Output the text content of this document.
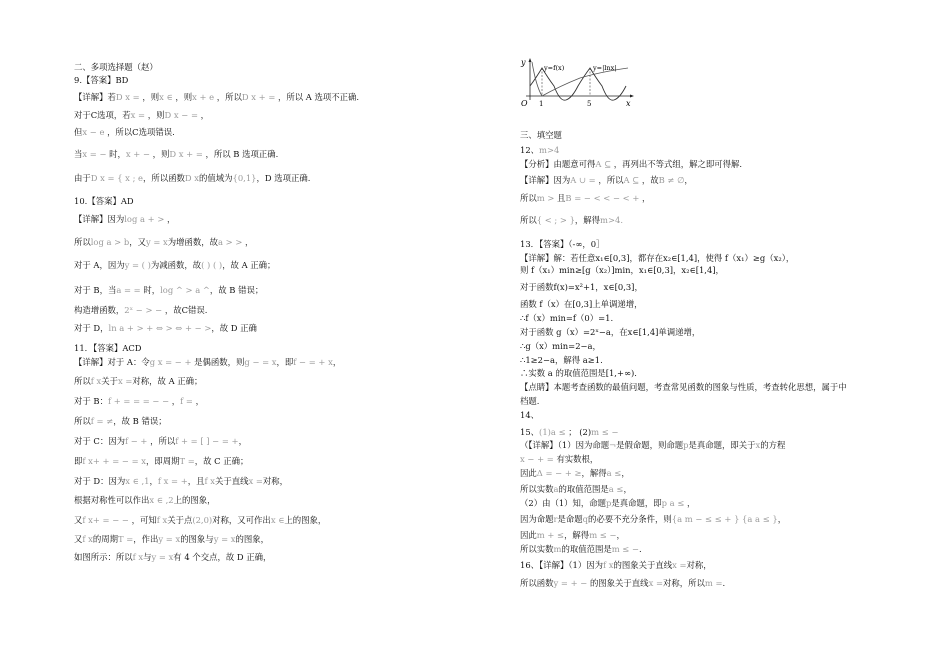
二、多项选择题（赵）
9.【答案】BD
【详解】若D x = ，则x ∈ ，则x + e ，所以D x + = ，所以 A 选项不正确.
对于C选项，若x = ，则D x − = ，
但x − e ，所以C选项错误.
当x = − 时，x + − ，则D x + = ，所以 B 选项正确.
由于D x = { x ; e，所以函数D x的值域为{0,1}，D 选项正确.
10.【答案】AD
【详解】因为log a + > ，
所以log a > b，又y = x为增函数，故a > > ，
对于 A，因为y = ( )为减函数，故( ) ( )，故 A 正确；
对于 B，当a = = 时，log ^ > a ^，故 B 错误；
构造增函数，2ˣ − > − ，故C错误.
对于 D，ln a + > + ⇔ > ⇔ + − >，故 D 正确
11．【答案】ACD
【详解】对于 A：令g x = − + 是偶函数，则g − = x，即f − = + x，
所以f x关于x =对称，故 A 正确；
对于 B：f + = = = − − ，f = ，
所以f = ≠，故 B 错误；
对于 C：因为f − + ，所以f + = [ ] − = +，
即f x+ + = − = x，即周期T =，故 C 正确；
对于 D：因为x ∈ ,1，f x = +，且f x关于直线x =对称，
根据对称性可以作出x ∈ ,2上的图象，
又f x+ = − − ，可知f x关于点(2,0)对称，又可作出x ∈上的图象，
又f x的周期T =，作出y = x的图象与y = x的图象，
如图所示：所以f x与y = x有 4 个交点，故 D 正确，
三、填空题
12、m>4
【分析】由题意可得A ⊆ ，再列出不等式组，解之即可得解.
【详解】因为A ∪ = ，所以A ⊆ ，故B ≠ ∅，
所以m > 且B = − < < − < + ，
所以{ < ; > }，解得m>4.
13．【答案】（-∞，0］
【详解】解：若任意x₁∈[0,3]，都存在x₂∈[1,4]，使得 f（x₁）≥g（x₂），
则 f（x₁）min≥[g（x₂）]min，x₁∈[0,3]，x₂∈[1,4]，
对于函数f(x)=x²+1，x∈[0,3]，
函数 f（x）在[0,3]上单调递增，
∴f（x）min=f（0）=1.
对于函数 g（x）=2ˣ−a，在x∈[1,4]单调递增，
∴g（x）min=2−a，
∴1≥2−a，解得 a≥1.
∴实数 a 的取值范围是[1,+∞)．
【点睛】本题考查函数的最值问题，考查常见函数的图象与性质，考查转化思想，属于中
档题.
14、
15、(1)a ≤ ； (2)m ≤ −
（【详解】（1）因为命题¬是假命题，则命题p是真命题，即关于x的方程
x − + = 有实数根，
因此Δ = − + ≥，解得a ≤，
所以实数a的取值范围是a ≤，
（2）由（1）知，命题p是真命题，即p a ≤ ，
因为命题r是命题q的必要不充分条件，则{a m − ≤ ≤ + } {a a ≤ }，
因此m + ≤，解得m ≤ −，
所以实数m的取值范围是m ≤ −.
16、【详解】（1）因为f x的图象关于直线x =对称，
所以函数y = + − 的图象关于直线x =对称，所以m =.
y
x
O 1	5
y=f(x)	y=|lnx|
